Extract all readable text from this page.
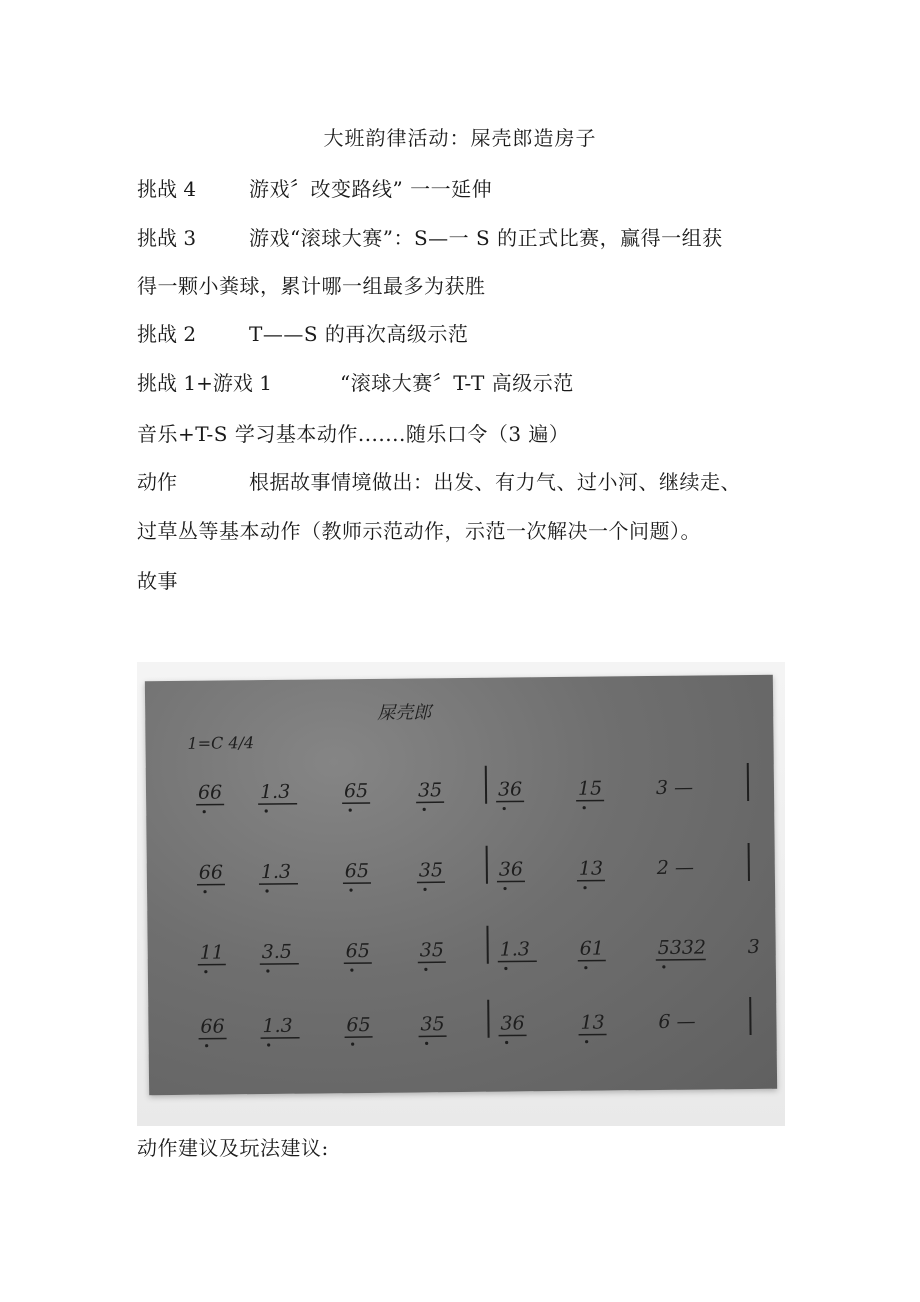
大班韵律活动：屎壳郎造房子
挑战 4	游戏〞改变路线” 一一延伸
挑战 3	游戏“滚球大赛”：S—一 S 的正式比赛，赢得一组获
得一颗小粪球，累计哪一组最多为获胜
挑战 2	T——S 的再次高级示范
挑战 1+游戏 1	“滚球大赛〞T-T 高级示范
音乐+T-S 学习基本动作.......随乐口令（3 遍）
动作	根据故事情境做出：出发、有力气、过小河、继续走、
过草丛等基本动作（教师示范动作，示范一次解决一个问题）。
故事
屎壳郎
1=C 4/4
66 1.3	65	35	36	15	3 —
66 1.3	65	35	36	13	2 —
11 3.5	65	35	1.3	61	5332 3
66 1.3	65	35	36	13	6 —
动作建议及玩法建议:
